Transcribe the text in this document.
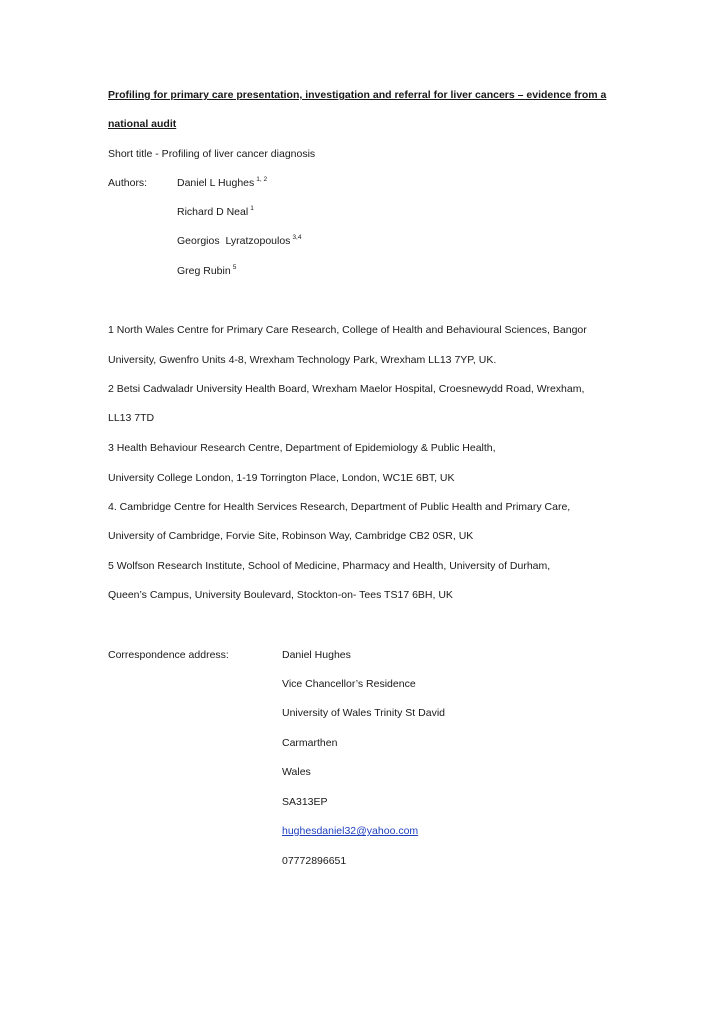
Profiling for primary care presentation, investigation and referral for liver cancers – evidence from a
national audit
Short title - Profiling of liver cancer diagnosis
Authors:	Daniel L Hughes $^{1, 2}$
Richard D Neal $^1$
Georgios  Lyratzopoulos $^{3,4}$
Greg Rubin $^5$
1 North Wales Centre for Primary Care Research, College of Health and Behavioural Sciences, Bangor
University, Gwenfro Units 4-8, Wrexham Technology Park, Wrexham LL13 7YP, UK.
2 Betsi Cadwaladr University Health Board, Wrexham Maelor Hospital, Croesnewydd Road, Wrexham,
LL13 7TD
3 Health Behaviour Research Centre, Department of Epidemiology & Public Health,
University College London, 1-19 Torrington Place, London, WC1E 6BT, UK
4. Cambridge Centre for Health Services Research, Department of Public Health and Primary Care,
University of Cambridge, Forvie Site, Robinson Way, Cambridge CB2 0SR, UK
5 Wolfson Research Institute, School of Medicine, Pharmacy and Health, University of Durham,
Queen’s Campus, University Boulevard, Stockton-on- Tees TS17 6BH, UK
Correspondence address:	Daniel Hughes
Vice Chancellor’s Residence
University of Wales Trinity St David
Carmarthen
Wales
SA313EP
hughesdaniel32@yahoo.com
07772896651
